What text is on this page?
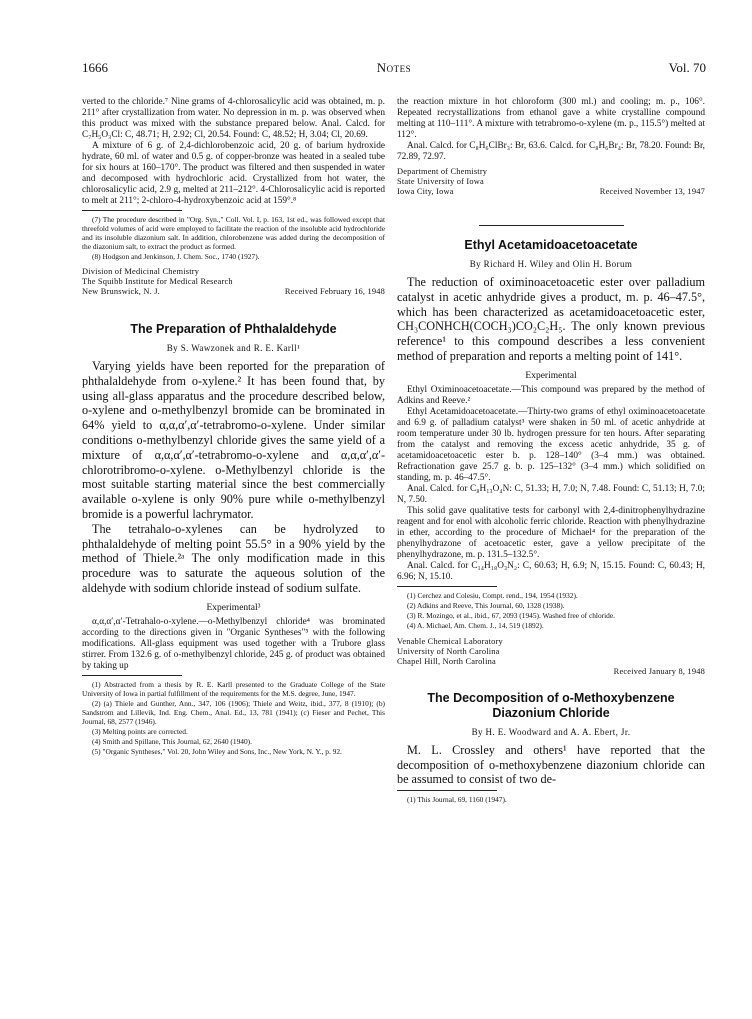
1666	Notes	Vol. 70

verted to the chloride.⁷ Nine grams of 4-chlorosalicylic acid was obtained, m. p. 211° after crystallization from water. No depression in m. p. was observed when this product was mixed with the substance prepared below. Anal. Calcd. for C₇H₅O₃Cl: C, 48.71; H, 2.92; Cl, 20.54. Found: C, 48.52; H, 3.04; Cl, 20.69.

A mixture of 6 g. of 2,4-dichlorobenzoic acid, 20 g. of barium hydroxide hydrate, 60 ml. of water and 0.5 g. of copper-bronze was heated in a sealed tube for six hours at 160–170°. The product was filtered and then suspended in water and decomposed with hydrochloric acid. Crystallized from hot water, the chlorosalicylic acid, 2.9 g, melted at 211–212°. 4-Chlorosalicylic acid is reported to melt at 211°; 2-chloro-4-hydroxybenzoic acid at 159°.⁸

(7) The procedure described in "Org. Syn.," Coll. Vol. I, p. 163, 1st ed., was followed except that threefold volumes of acid were employed to facilitate the reaction of the insoluble acid hydrochloride and its insoluble diazonium salt. In addition, chlorobenzene was added during the decomposition of the diazonium salt, to extract the product as formed.

(8) Hodgson and Jenkinson, J. Chem. Soc., 1740 (1927).

Division of Medicinal Chemistry
The Squibb Institute for Medical Research
New Brunswick, N. J.	Received February 16, 1948
The Preparation of Phthalaldehyde
By S. Wawzonek and R. E. Karll¹

Varying yields have been reported for the preparation of phthalaldehyde from o-xylene.² It has been found that, by using all-glass apparatus and the procedure described below, o-xylene and o-methylbenzyl bromide can be brominated in 64% yield to α,α,α′,α′-tetrabromo-o-xylene. Under similar conditions o-methylbenzyl chloride gives the same yield of a mixture of α,α,α′,α′-tetrabromo-o-xylene and α,α,α′,α′-chlorotribromo-o-xylene. o-Methylbenzyl chloride is the most suitable starting material since the best commercially available o-xylene is only 90% pure while o-methylbenzyl bromide is a powerful lachrymator.

The tetrahalo-o-xylenes can be hydrolyzed to phthalaldehyde of melting point 55.5° in a 90% yield by the method of Thiele.²ᵃ The only modification made in this procedure was to saturate the aqueous solution of the aldehyde with sodium chloride instead of sodium sulfate.

Experimental³

α,α,α′,α′-Tetrahalo-o-xylene.—o-Methylbenzyl chloride⁴ was brominated according to the directions given in "Organic Syntheses"⁵ with the following modifications. All-glass equipment was used together with a Trubore glass stirrer. From 132.6 g. of o-methylbenzyl chloride, 245 g. of product was obtained by taking up

(1) Abstracted from a thesis by R. E. Karll presented to the Graduate College of the State University of Iowa in partial fulfillment of the requirements for the M.S. degree, June, 1947.

(2) (a) Thiele and Gunther, Ann., 347, 106 (1906); Thiele and Weitz, ibid., 377, 8 (1910); (b) Sandstrom and Lillevik, Ind. Eng. Chem., Anal. Ed., 13, 781 (1941); (c) Fieser and Pechet, This Journal, 68, 2577 (1946).

(3) Melting points are corrected.

(4) Smith and Spillane, This Journal, 62, 2640 (1940).

(5) "Organic Syntheses," Vol. 20, John Wiley and Sons, Inc., New York, N. Y., p. 92.

the reaction mixture in hot chloroform (300 ml.) and cooling; m. p., 106°. Repeated recrystallizations from ethanol gave a white crystalline compound melting at 110–111°. A mixture with tetrabromo-o-xylene (m. p., 115.5°) melted at 112°.

Anal. Calcd. for C₈H₆ClBr₃: Br, 63.6. Calcd. for C₈H₆Br₄: Br, 78.20. Found: Br, 72.89, 72.97.

Department of Chemistry
State University of Iowa
Iowa City, Iowa	Received November 13, 1947
Ethyl Acetamidoacetoacetate
By Richard H. Wiley and Olin H. Borum

The reduction of oximinoacetoacetic ester over palladium catalyst in acetic anhydride gives a product, m. p. 46–47.5°, which has been characterized as acetamidoacetoacetic ester, CH₃CONHCH(COCH₃)CO₂C₂H₅. The only known previous reference¹ to this compound describes a less convenient method of preparation and reports a melting point of 141°.

Experimental

Ethyl Oximinoacetoacetate.—This compound was prepared by the method of Adkins and Reeve.²

Ethyl Acetamidoacetoacetate.—Thirty-two grams of ethyl oximinoacetoacetate and 6.9 g. of palladium catalyst³ were shaken in 50 ml. of acetic anhydride at room temperature under 30 lb. hydrogen pressure for ten hours. After separating from the catalyst and removing the excess acetic anhydride, 35 g. of acetamidoacetoacetic ester b. p. 128–140° (3–4 mm.) was obtained. Refractionation gave 25.7 g. b. p. 125–132° (3–4 mm.) which solidified on standing, m. p. 46–47.5°.

Anal. Calcd. for C₈H₁₃O₄N: C, 51.33; H, 7.0; N, 7.48. Found: C, 51.13; H, 7.0; N, 7.50.

This solid gave qualitative tests for carbonyl with 2,4-dinitrophenylhydrazine reagent and for enol with alcoholic ferric chloride. Reaction with phenylhydrazine in ether, according to the procedure of Michael⁴ for the preparation of the phenylhydrazone of acetoacetic ester, gave a yellow precipitate of the phenylhydrazone, m. p. 131.5–132.5°.

Anal. Calcd. for C₁₄H₁₈O₃N₂: C, 60.63; H, 6.9; N, 15.15. Found: C, 60.43; H, 6.96; N, 15.10.

(1) Cerchez and Colesiu, Compt. rend., 194, 1954 (1932).

(2) Adkins and Reeve, This Journal, 60, 1328 (1938).

(3) R. Mozingo, et al., ibid., 67, 2093 (1945). Washed free of chloride.

(4) A. Michael, Am. Chem. J., 14, 519 (1892).

Venable Chemical Laboratory
University of North Carolina
Chapel Hill, North Carolina
Received January 8, 1948
The Decomposition of o-Methoxybenzene Diazonium Chloride
By H. E. Woodward and A. A. Ebert, Jr.

M. L. Crossley and others¹ have reported that the decomposition of o-methoxybenzene diazonium chloride can be assumed to consist of two de-

(1) This Journal, 69, 1160 (1947).
